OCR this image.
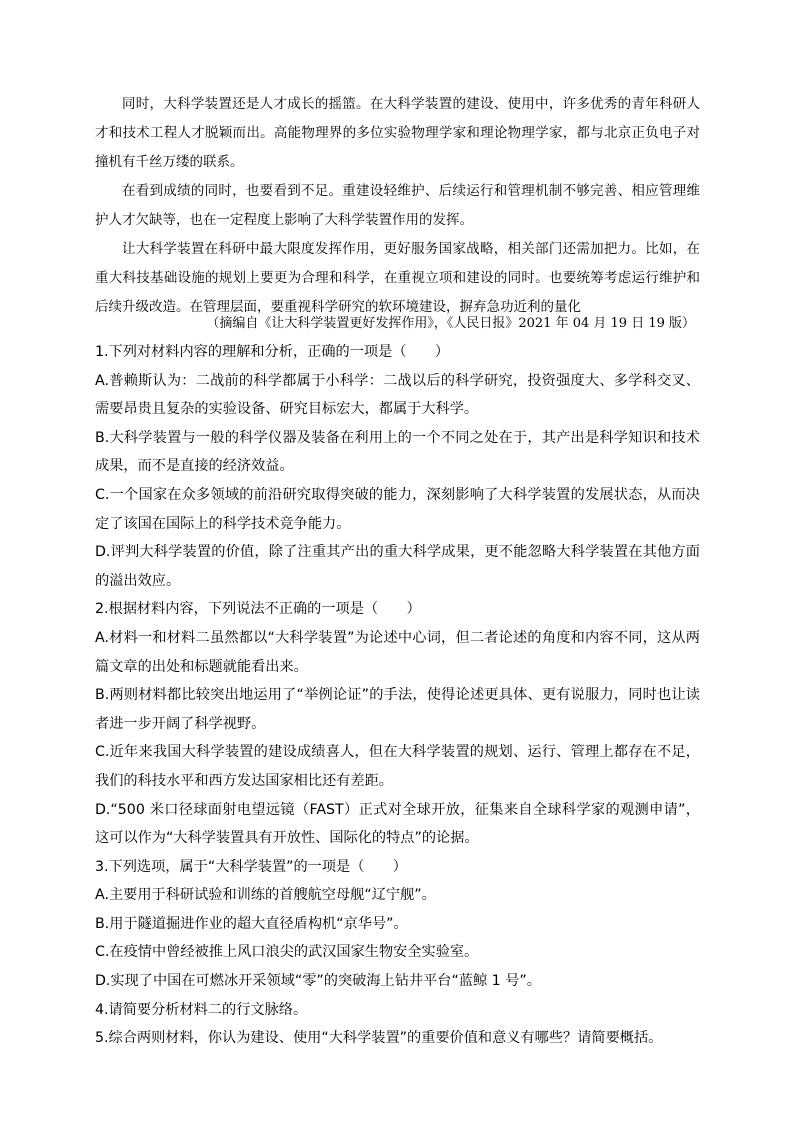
同时，大科学装置还是人才成长的摇篮。在大科学装置的建设、使用中，许多优秀的青年科研人才和技术工程人才脱颖而出。高能物理界的多位实验物理学家和理论物理学家，都与北京正负电子对撞机有千丝万缕的联系。

在看到成绩的同时，也要看到不足。重建设轻维护、后续运行和管理机制不够完善、相应管理维护人才欠缺等，也在一定程度上影响了大科学装置作用的发挥。

让大科学装置在科研中最大限度发挥作用，更好服务国家战略，相关部门还需加把力。比如，在重大科技基础设施的规划上要更为合理和科学，在重视立项和建设的同时。也要统筹考虑运行维护和后续升级改造。在管理层面，要重视科学研究的软环境建设，摒弃急功近利的量化

（摘编自《让大科学装置更好发挥作用》，《人民日报》2021 年 04 月 19 日 19 版）

1.下列对材料内容的理解和分析，正确的一项是（　　）

A.普赖斯认为：二战前的科学都属于小科学：二战以后的科学研究，投资强度大、多学科交叉、需要昂贵且复杂的实验设备、研究目标宏大，都属于大科学。

B.大科学装置与一般的科学仪器及装备在利用上的一个不同之处在于，其产出是科学知识和技术成果，而不是直接的经济效益。

C.一个国家在众多领域的前沿研究取得突破的能力，深刻影响了大科学装置的发展状态，从而决定了该国在国际上的科学技术竞争能力。

D.评判大科学装置的价值，除了注重其产出的重大科学成果，更不能忽略大科学装置在其他方面的溢出效应。

2.根据材料内容，下列说法不正确的一项是（　　）

A.材料一和材料二虽然都以“大科学装置”为论述中心词，但二者论述的角度和内容不同，这从两篇文章的出处和标题就能看出来。

B.两则材料都比较突出地运用了“举例论证”的手法，使得论述更具体、更有说服力，同时也让读者进一步开阔了科学视野。

C.近年来我国大科学装置的建设成绩喜人，但在大科学装置的规划、运行、管理上都存在不足，我们的科技水平和西方发达国家相比还有差距。

D.“500 米口径球面射电望远镜（FAST）正式对全球开放，征集来自全球科学家的观测申请”，这可以作为“大科学装置具有开放性、国际化的特点”的论据。

3.下列选项，属于“大科学装置”的一项是（　　）

A.主要用于科研试验和训练的首艘航空母舰“辽宁舰”。

B.用于隧道掘进作业的超大直径盾构机“京华号”。

C.在疫情中曾经被推上风口浪尖的武汉国家生物安全实验室。

D.实现了中国在可燃冰开采领域“零”的突破海上钻井平台“蓝鲸 1 号”。

4.请简要分析材料二的行文脉络。

5.综合两则材料，你认为建设、使用“大科学装置”的重要价值和意义有哪些？请简要概括。
